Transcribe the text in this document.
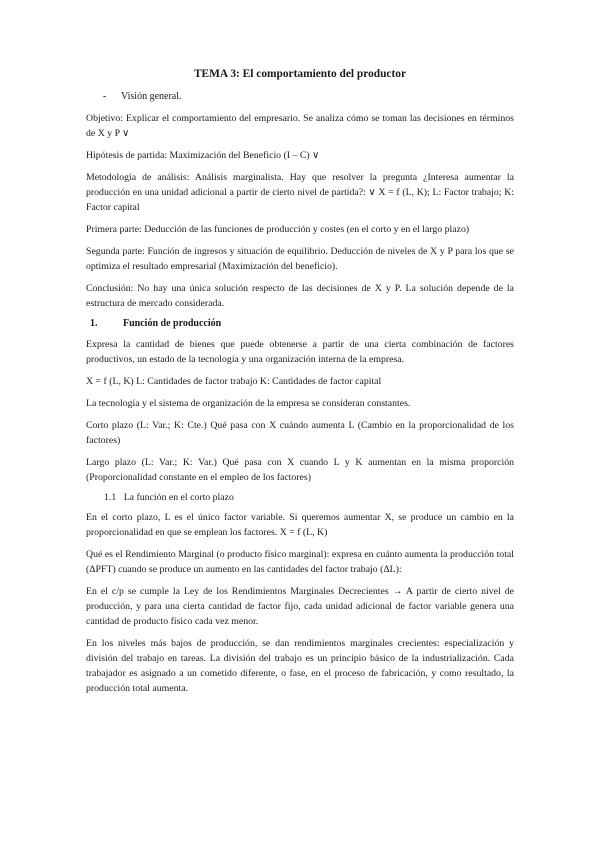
TEMA 3: El comportamiento del productor
-	Visión general.

Objetivo: Explicar el comportamiento del empresario. Se analiza cómo se toman las decisiones en términos de X y P ∨

Hipótesis de partida: Maximización del Beneficio (I – C) ∨

Metodología de análisis: Análisis marginalista. Hay que resolver la pregunta ¿Interesa aumentar la producción en una unidad adicional a partir de cierto nivel de partida?: ∨ X = f (L, K); L: Factor trabajo; K: Factor capital

Primera parte: Deducción de las funciones de producción y costes (en el corto y en el largo plazo)

Segunda parte: Función de ingresos y situación de equilibrio. Deducción de niveles de X y P para los que se optimiza el resultado empresarial (Maximización del beneficio).

Conclusión: No hay una única solución respecto de las decisiones de X y P. La solución depende de la estructura de mercado considerada.

1.	Función de producción

Expresa la cantidad de bienes que puede obtenerse a partir de una cierta combinación de factores productivos, un estado de la tecnología y una organización interna de la empresa.

X = f (L, K) L: Cantidades de factor trabajo K: Cantidades de factor capital

La tecnología y el sistema de organización de la empresa se consideran constantes.

Corto plazo (L: Var.; K: Cte.) Qué pasa con X cuándo aumenta L (Cambio en la proporcionalidad de los factores)

Largo plazo (L: Var.; K: Var.) Qué pasa con X cuando L y K aumentan en la misma proporción (Proporcionalidad constante en el empleo de los factores)

1.1 La función en el corto plazo

En el corto plazo, L es el único factor variable. Si queremos aumentar X, se produce un cambio en la proporcionalidad en que se emplean los factores. X = f (L, K)

Qué es el Rendimiento Marginal (o producto físico marginal): expresa en cuánto aumenta la producción total (ΔPFT) cuando se produce un aumento en las cantidades del factor trabajo (ΔL):

En el c/p se cumple la Ley de los Rendimientos Marginales Decrecientes → A partir de cierto nivel de producción, y para una cierta cantidad de factor fijo, cada unidad adicional de factor variable genera una cantidad de producto físico cada vez menor.

En los niveles más bajos de producción, se dan rendimientos marginales crecientes: especialización y división del trabajo en tareas. La división del trabajo es un principio básico de la industrialización. Cada trabajador es asignado a un cometido diferente, o fase, en el proceso de fabricación, y como resultado, la producción total aumenta.
